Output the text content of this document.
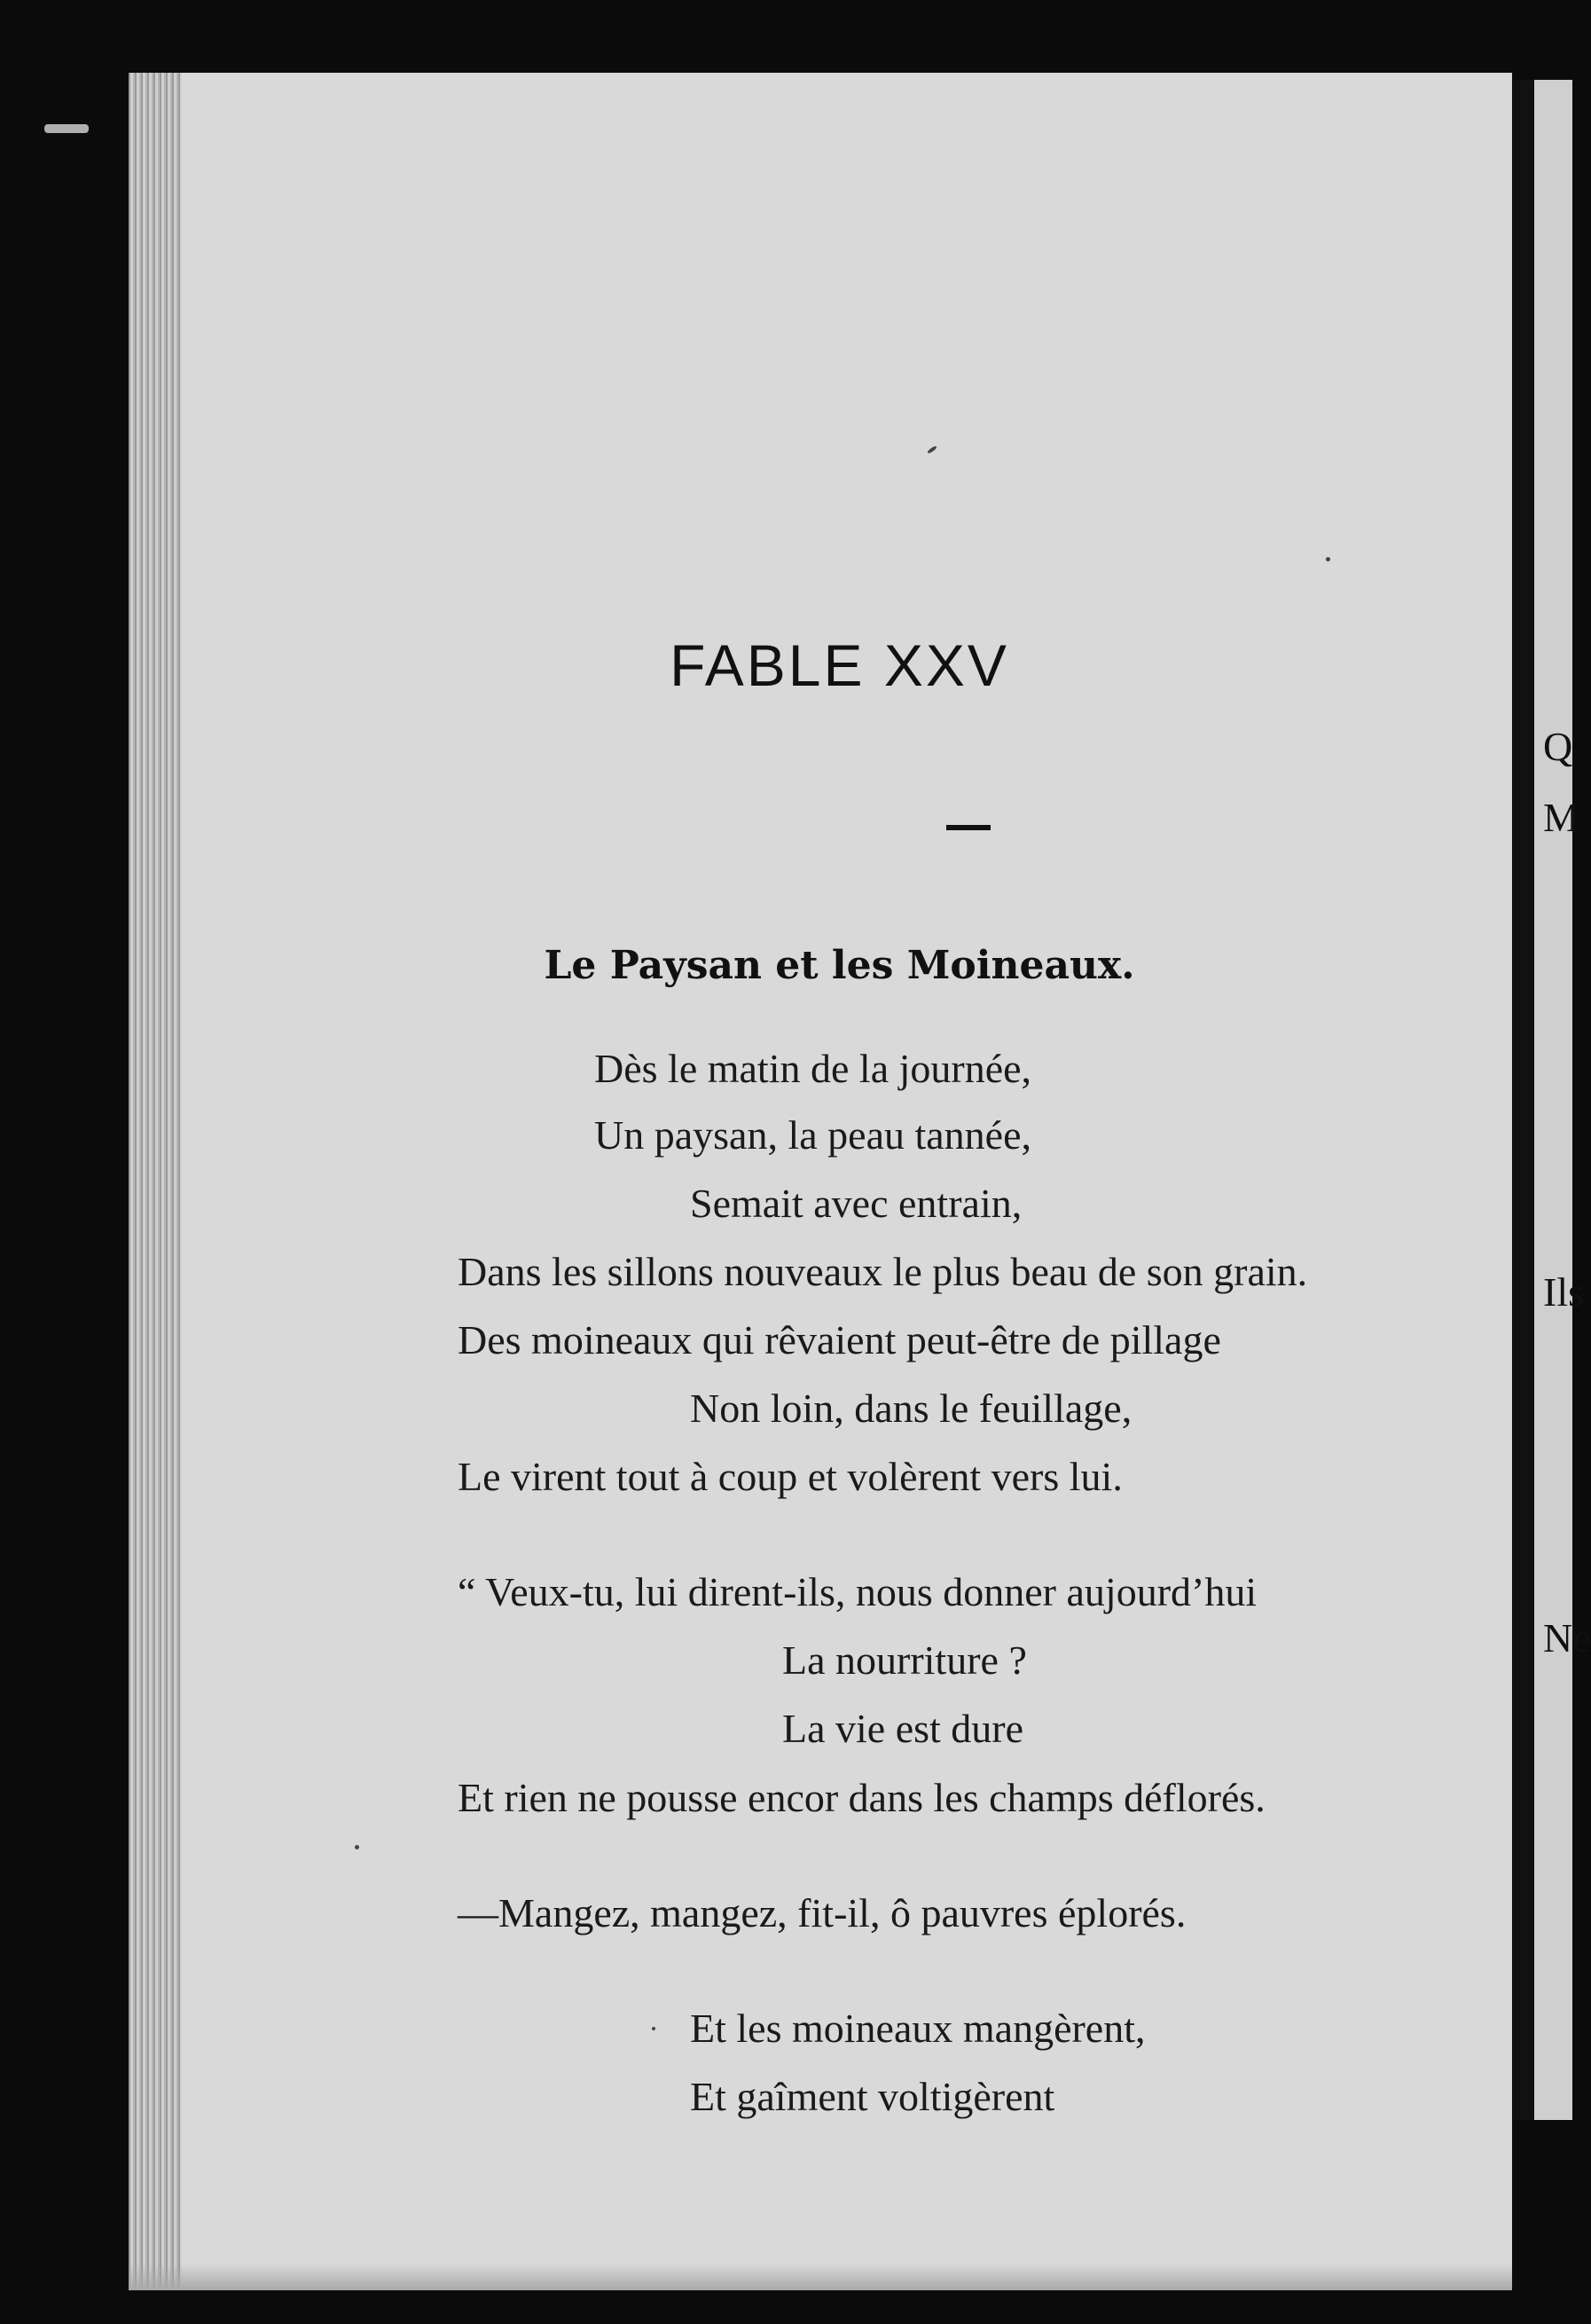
Q
M
Ils
Ne
FABLE XXV
Le Paysan et les Moineaux.
Dès le matin de la journée,
Un paysan, la peau tannée,
Semait avec entrain,
Dans les sillons nouveaux le plus beau de son grain.
Des moineaux qui rêvaient peut-être de pillage
Non loin, dans le feuillage,
Le virent tout à coup et volèrent vers lui.
“ Veux-tu, lui dirent-ils, nous donner aujourd’hui
La nourriture ?
La vie est dure
Et rien ne pousse encor dans les champs déflorés.
—Mangez, mangez, fit-il, ô pauvres éplorés.
Et les moineaux mangèrent,
Et gaîment voltigèrent
